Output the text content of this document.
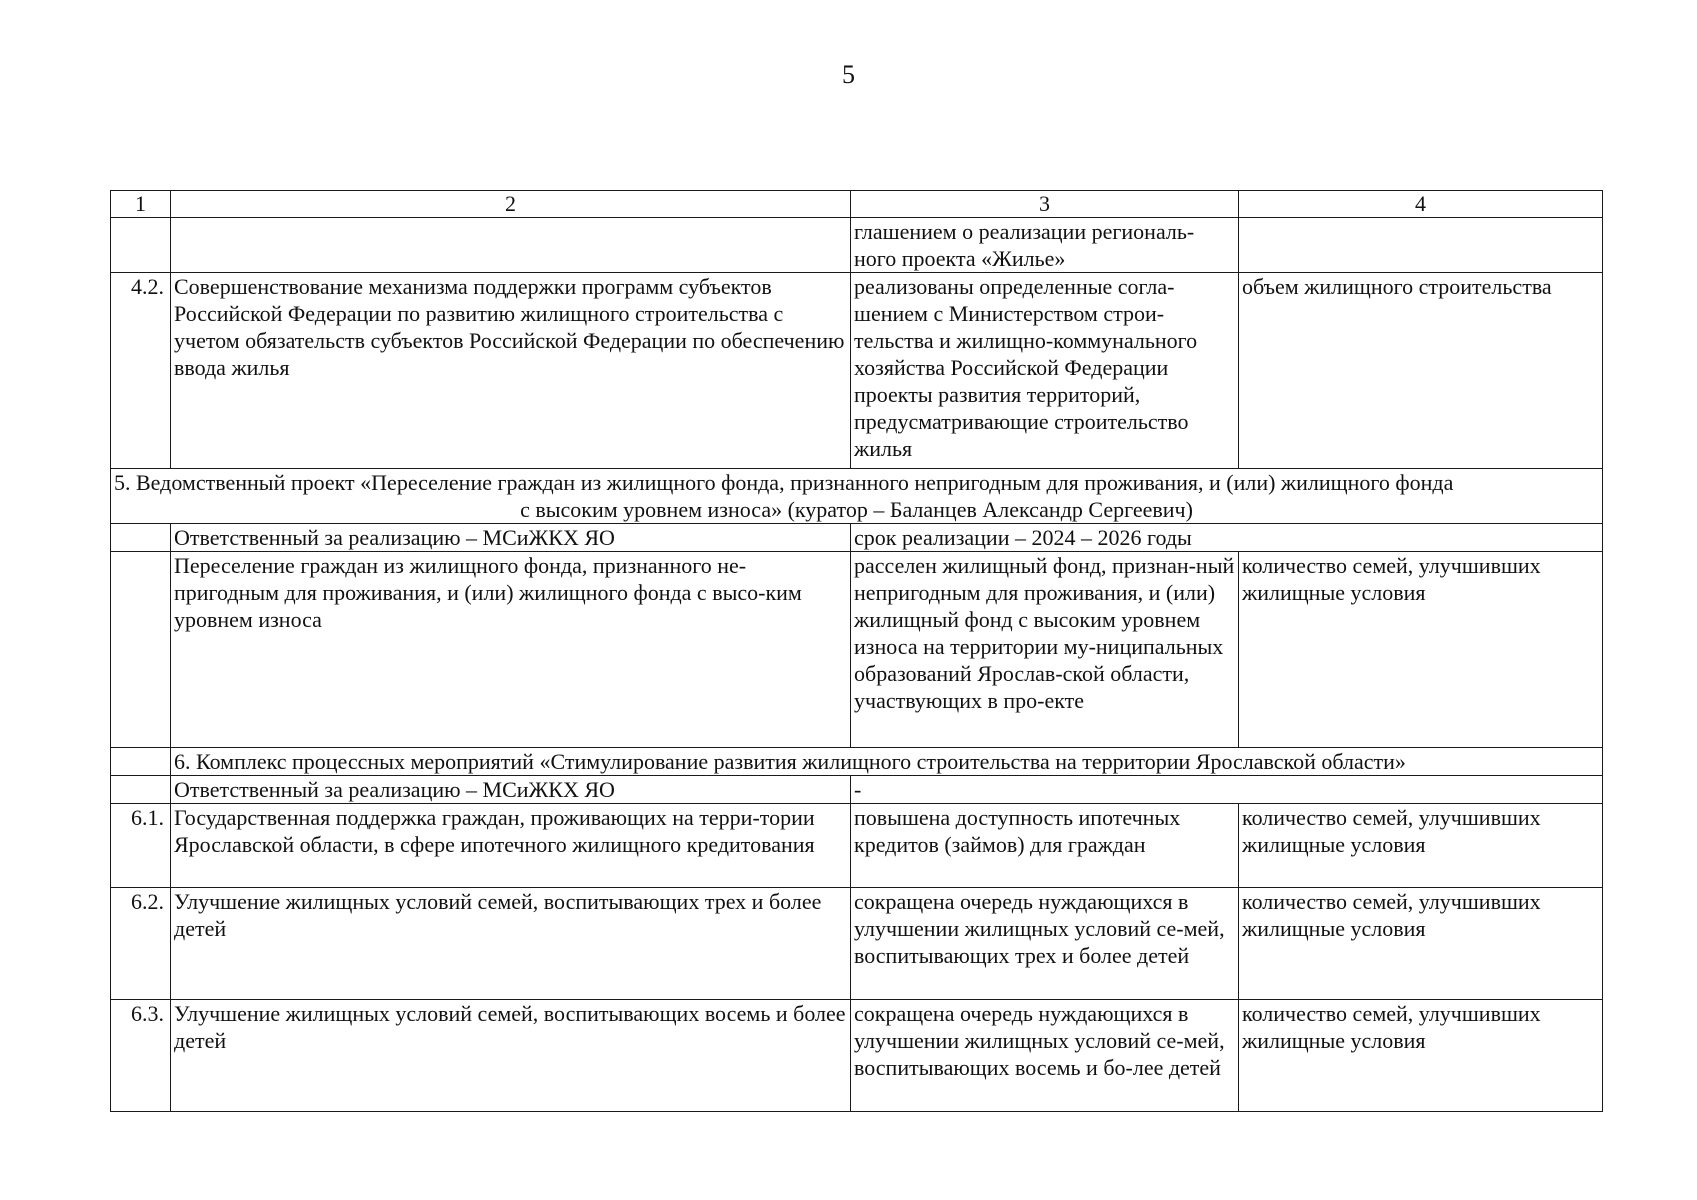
5
1	2	3	4
		глашением о реализации региональ-ного проекта «Жилье»	
4.2.	Совершенствование механизма поддержки программ субъектов Российской Федерации по развитию жилищного строительства с учетом обязательств субъектов Российской Федерации по обеспечению ввода жилья	реализованы определенные согла-шением с Министерством строи-тельства и жилищно-коммунального хозяйства Российской Федерации проекты развития территорий, предусматривающие строительство жилья	объем жилищного строительства

5. Ведомственный проект «Переселение граждан из жилищного фонда, признанного непригодным для проживания, и (или) жилищного фонда
с высоким уровнем износа» (куратор – Баланцев Александр Сергеевич)			
	Ответственный за реализацию – МСиЖКХ ЯО	срок реализации – 2024 – 2026 годы	
	Переселение граждан из жилищного фонда, признанного не-пригодным для проживания, и (или) жилищного фонда с высо-ким уровнем износа	расселен жилищный фонд, признан-ный непригодным для проживания, и (или) жилищный фонд с высоким уровнем износа на территории му-ниципальных образований Ярослав-ской области, участвующих в про-екте	количество семей, улучшивших жилищные условия
	6. Комплекс процессных мероприятий «Стимулирование развития жилищного строительства на территории Ярославской области»		
	Ответственный за реализацию – МСиЖКХ ЯО	-	
6.1.	Государственная поддержка граждан, проживающих на терри-тории Ярославской области, в сфере ипотечного жилищного кредитования	повышена доступность ипотечных кредитов (займов) для граждан	количество семей, улучшивших жилищные условия
6.2.	Улучшение жилищных условий семей, воспитывающих трех и более детей	сокращена очередь нуждающихся в улучшении жилищных условий се-мей, воспитывающих трех и более детей	количество семей, улучшивших жилищные условия
6.3.	Улучшение жилищных условий семей, воспитывающих восемь и более детей	сокращена очередь нуждающихся в улучшении жилищных условий се-мей, воспитывающих восемь и бо-лее детей	количество семей, улучшивших жилищные условия
